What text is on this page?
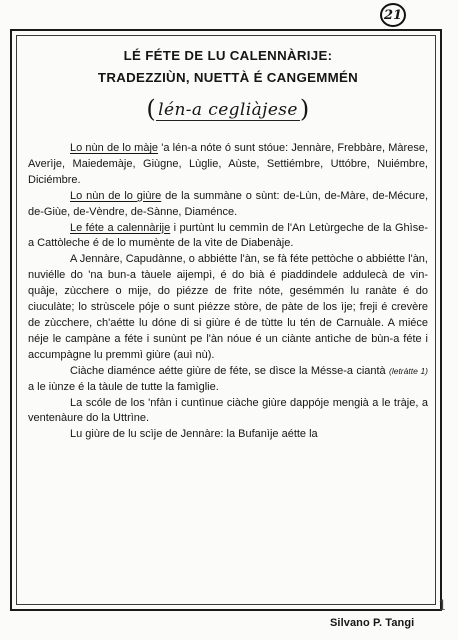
21
LÉ FÉTE DE LU CALENNÀRIJE:
TRADEZZIÙN, NUETTÀ É CANGEMMÉN
( lén-a cegliàjese)

Lo nùn de lo màje 'a lén-a nóte ó sunt stóue: Jennàre, Frebbàre, Màrese, Averìje, Maiedemàje, Giùgne, Lùglie, Aùste, Settiémbre, Uttóbre, Nuiémbre, Diciémbre.

Lo nùn de lo giùre de la summàne o sùnt: de-Lùn, de-Màre, de-Mécure, de-Giùe, de-Vèndre, de-Sànne, Diaménce.

Le féte a calennàrije i purtùnt lu cemmìn de l'An Letùrgeche de la Ghìse-a Cattòleche é de lo mumènte de la vìte de Diabenàje.

A Jennàre, Capudànne, o abbiétte l'àn, se fà féte pettòche o abbiétte l'àn, nuviélle do 'na bun-a tàuele aijempì, é do bià é piaddindele addulecà de vin-quàje, zùcchere o mije, do piézze de frìte nóte, gesémmén lu ranàte é do ciuculàte; lo strùscele póje o sunt piézze stòre, de pàte de los ìje; freji é crevère de zùcchere, ch'aétte lu dóne di si giùre é de tùtte lu tén de Carnuàle. A miéce néje le campàne a féte i sunùnt pe l'àn nóue é un ciànte antìche de bùn-a féte i accumpàgne lu premmì giùre (auì nù).

Ciàche diaménce aétte giùre de féte, se dìsce la Mésse-a ciantà (letràtte 1) a le iùnze é la tàule de tutte la famìglie.

La scóle de los 'nfàn i cuntìnue ciàche giùre dappóje mengià a le tràje, a ventenàure do la Uttrìne.

Lu giùre de lu scìje de Jennàre: la Bufanìje aétte la

Silvano P. Tangi
1
